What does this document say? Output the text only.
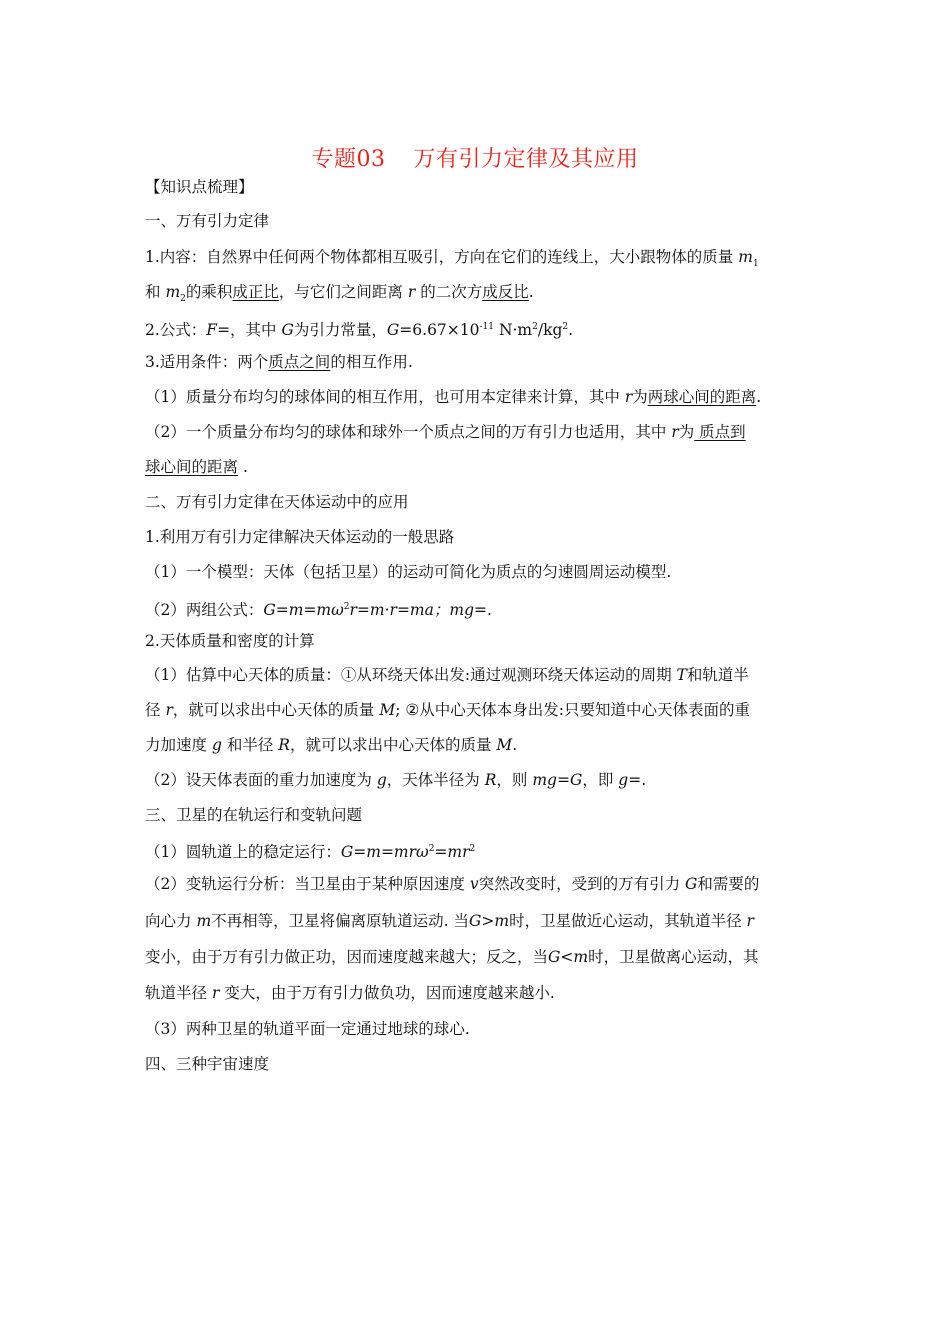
专题03 万有引力定律及其应用
【知识点梳理】
一、万有引力定律
1.内容：自然界中任何两个物体都相互吸引，方向在它们的连线上，大小跟物体的质量 $m_1$
和 $m_2$的乘积成正比，与它们之间距离 r 的二次方成反比.
2.公式：F=，其中 G为引力常量，$G=6.67\times 10^{-11}$ $N\cdot m^2/kg^2$.
3.适用条件：两个质点之间的相互作用.
（1）质量分布均匀的球体间的相互作用，也可用本定律来计算，其中 r为两球心间的距离.
（2）一个质量分布均匀的球体和球外一个质点之间的万有引力也适用，其中 r为 质点到
球心间的距离 .
二、万有引力定律在天体运动中的应用
1.利用万有引力定律解决天体运动的一般思路
（1）一个模型：天体（包括卫星）的运动可简化为质点的匀速圆周运动模型.
（2）两组公式：$G=m=m\omega^2r=m\cdot r=ma$；mg=.
2.天体质量和密度的计算
（1）估算中心天体的质量：①从环绕天体出发:通过观测环绕天体运动的周期 T和轨道半
径 r，就可以求出中心天体的质量 M; ②从中心天体本身出发:只要知道中心天体表面的重
力加速度 g 和半径 R，就可以求出中心天体的质量 M.
（2）设天体表面的重力加速度为 g，天体半径为 R，则 mg=G，即 g=.
三、卫星的在轨运行和变轨问题
（1）圆轨道上的稳定运行：$G=m=mr\omega^2=mr^2$
（2）变轨运行分析：当卫星由于某种原因速度 v突然改变时，受到的万有引力 G和需要的
向心力 m不再相等，卫星将偏离原轨道运动. 当G>m时，卫星做近心运动，其轨道半径 r
变小，由于万有引力做正功，因而速度越来越大；反之，当G<m时，卫星做离心运动，其
轨道半径 r 变大，由于万有引力做负功，因而速度越来越小.
（3）两种卫星的轨道平面一定通过地球的球心.
四、三种宇宙速度
